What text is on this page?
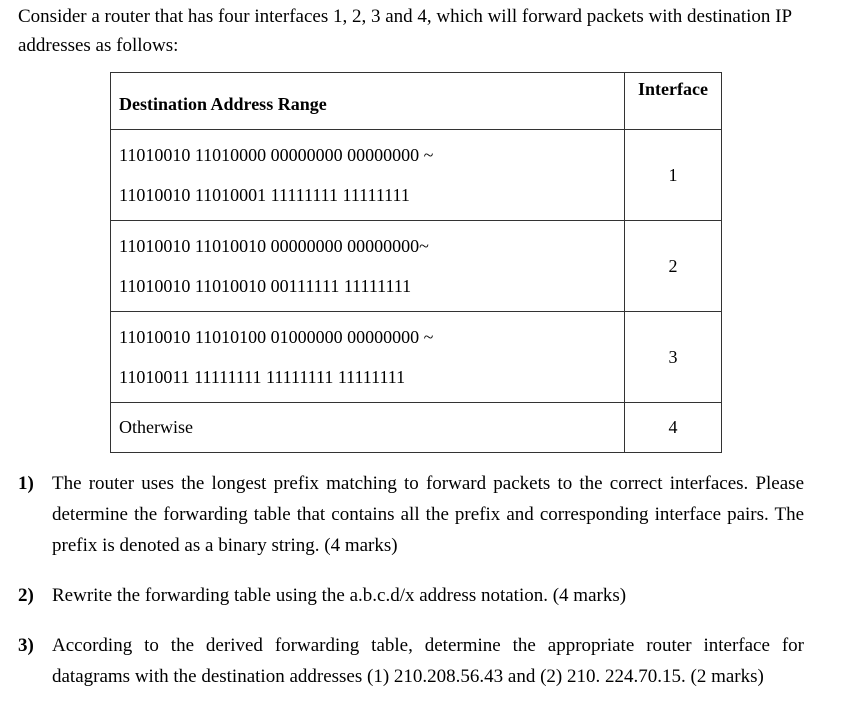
Consider a router that has four interfaces 1, 2, 3 and 4, which will forward packets with destination IP addresses as follows:
Destination Address Range	Interface

11010010 11010000 00000000 00000000 ~
11010010 11010001 11111111 11111111	1

11010010 11010010 00000000 00000000~
11010010 11010010 00111111 11111111	2

11010010 11010100 01000000 00000000 ~
11010011 11111111 11111111 11111111	3
Otherwise	4
1) The router uses the longest prefix matching to forward packets to the correct interfaces. Please determine the forwarding table that contains all the prefix and corresponding interface pairs. The prefix is denoted as a binary string. (4 marks)
2) Rewrite the forwarding table using the a.b.c.d/x address notation. (4 marks)
3) According to the derived forwarding table, determine the appropriate router interface for datagrams with the destination addresses (1) 210.208.56.43 and (2) 210. 224.70.15. (2 marks)
